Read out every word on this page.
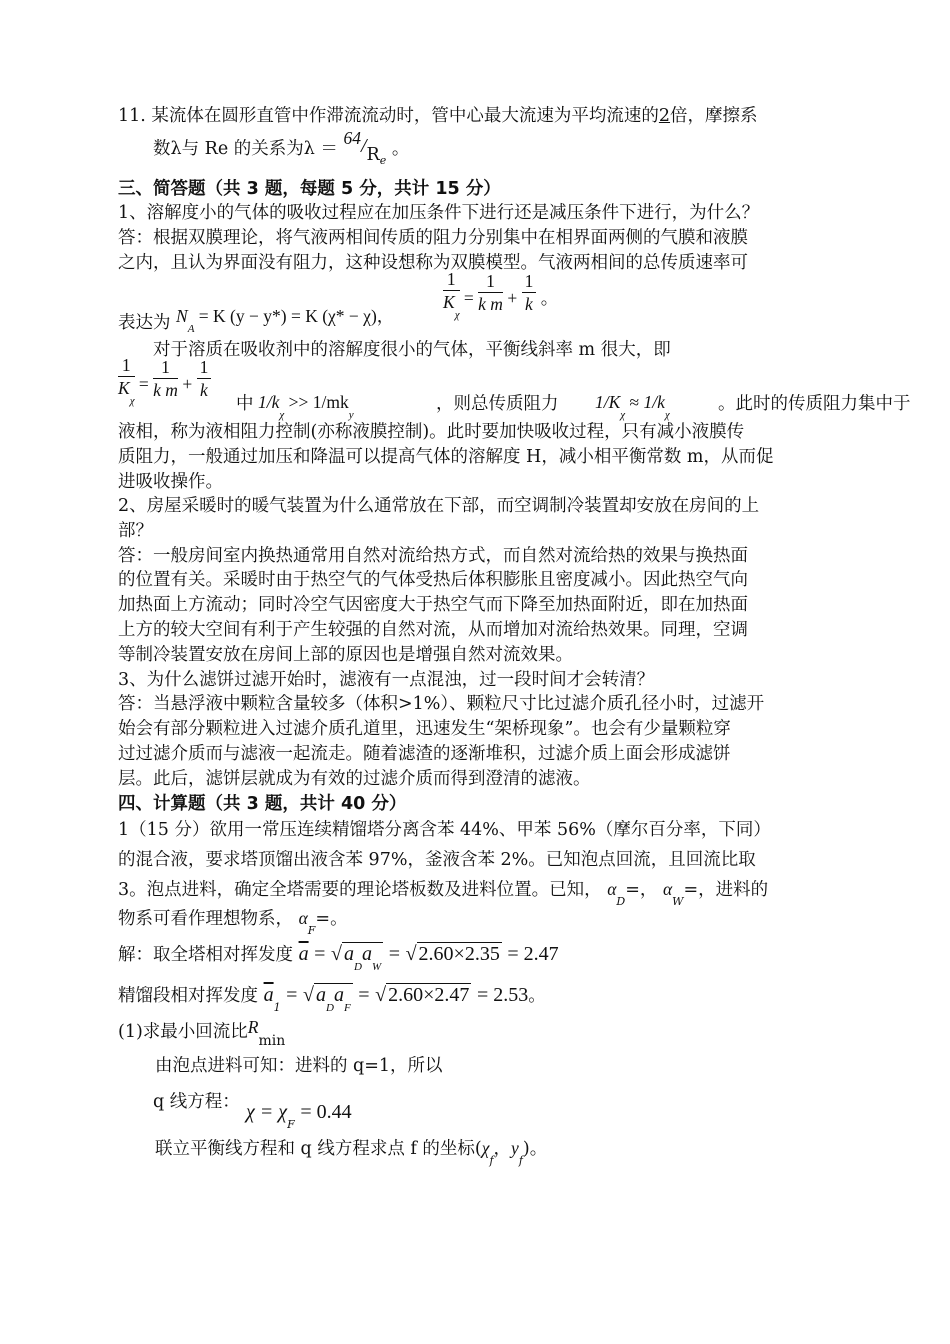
11. 某流体在圆形直管中作滞流流动时，管中心最大流速为平均流速的2倍，摩擦系
数λ与 Re 的关系为$\lambda = 64/R_e$ 。
三、简答题（共 3 题，每题 5 分，共计 15 分）
1、溶解度小的气体的吸收过程应在加压条件下进行还是减压条件下进行，为什么？
答：根据双膜理论，将气液两相间传质的阻力分别集中在相界面两侧的气膜和液膜
之内，且认为界面没有阻力，这种设想称为双膜模型。气液两相间的总传质速率可
表达为 $N_A = K$ (y − y*) = K (χ* − χ)，	$\frac{1}{K_\chi} = \frac{1}{\text{k m}} + \frac{1}{k}$ 。
对于溶质在吸收剂中的溶解度很小的气体，平衡线斜率 m 很大，即
$\frac{1}{K_\chi} = \frac{1}{\text{k m}} + \frac{1}{k}$
中 $1/k_\chi >> 1/mk_y$
，则总传质阻力 $1/K_\chi \approx 1/k_\chi$
。此时的传质阻力集中于
液相，称为液相阻力控制(亦称液膜控制)。此时要加快吸收过程，只有减小液膜传
质阻力，一般通过加压和降温可以提高气体的溶解度 H，减小相平衡常数 m，从而促
进吸收操作。
2、房屋采暖时的暖气装置为什么通常放在下部，而空调制冷装置却安放在房间的上
部？
答：一般房间室内换热通常用自然对流给热方式，而自然对流给热的效果与换热面
的位置有关。采暖时由于热空气的气体受热后体积膨胀且密度减小。因此热空气向
加热面上方流动；同时冷空气因密度大于热空气而下降至加热面附近，即在加热面
上方的较大空间有利于产生较强的自然对流，从而增加对流给热效果。同理，空调
等制冷装置安放在房间上部的原因也是增强自然对流效果。
3、为什么滤饼过滤开始时，滤液有一点混浊，过一段时间才会转清？
答：当悬浮液中颗粒含量较多（体积>1%）、颗粒尺寸比过滤介质孔径小时，过滤开
始会有部分颗粒进入过滤介质孔道里，迅速发生“架桥现象”。也会有少量颗粒穿
过过滤介质而与滤液一起流走。随着滤渣的逐渐堆积，过滤介质上面会形成滤饼
层。此后，滤饼层就成为有效的过滤介质而得到澄清的滤液。
四、计算题（共 3 题，共计 40 分）
1（15 分）欲用一常压连续精馏塔分离含苯 44%、甲苯 56%（摩尔百分率，下同）
的混合液，要求塔顶馏出液含苯 97%，釜液含苯 2%。已知泡点回流，且回流比取
3。泡点进料，确定全塔需要的理论塔板数及进料位置。已知， $\alpha_D=$， $\alpha_W=$，进料的
物系可看作理想物系， $\alpha_F=$。
解：取全塔相对挥发度 $\overline{a}$ = √ $a_Da_W$ = √ 2.60×2.35 = 2.47
精馏段相对挥发度 $\overline{a}_1$ = √ $a_Da_F$ = √ 2.60×2.47 = 2.53。
(1)求最小回流比$R_{min}$
由泡点进料可知：进料的 q=1，所以
q 线方程： $\chi = \chi_F = 0.44$
联立平衡线方程和 q 线方程求点 f 的坐标($\chi_f$，$y_f$)。
